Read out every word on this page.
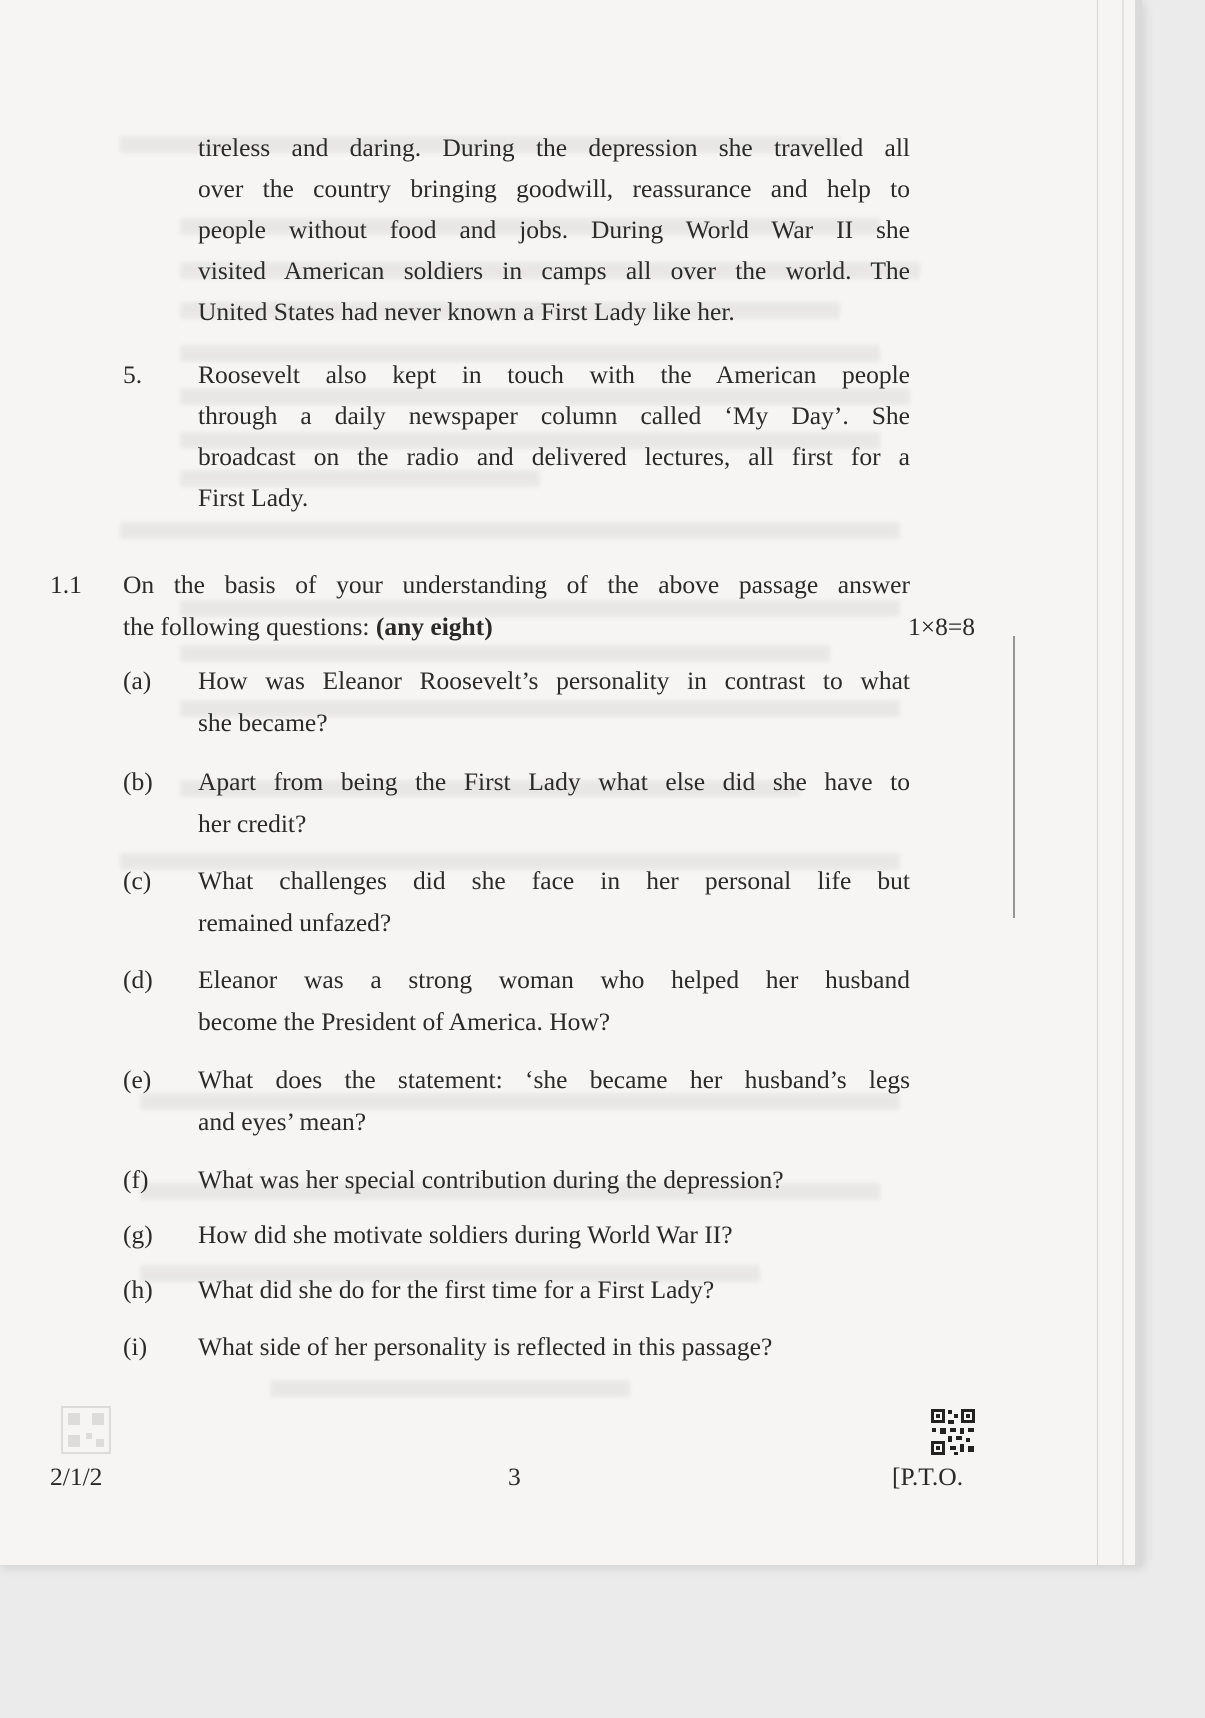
tireless and daring. During the depression she travelled all
over the country bringing goodwill, reassurance and help to
people without food and jobs. During World War II she
visited American soldiers in camps all over the world. The
United States had never known a First Lady like her.
5. Roosevelt also kept in touch with the American people
through a daily newspaper column called ‘My Day’. She
broadcast on the radio and delivered lectures, all first for a
First Lady.
1.1 On the basis of your understanding of the above passage answer
the following questions: (any eight)	1×8=8
(a) How was Eleanor Roosevelt’s personality in contrast to what
she became?
(b) Apart from being the First Lady what else did she have to
her credit?
(c) What challenges did she face in her personal life but
remained unfazed?
(d) Eleanor was a strong woman who helped her husband
become the President of America. How?
(e) What does the statement: ‘she became her husband’s legs
and eyes’ mean?
(f) What was her special contribution during the depression?
(g) How did she motivate soldiers during World War II?
(h) What did she do for the first time for a First Lady?
(i) What side of her personality is reflected in this passage?
2/1/2	3	[P.T.O.
